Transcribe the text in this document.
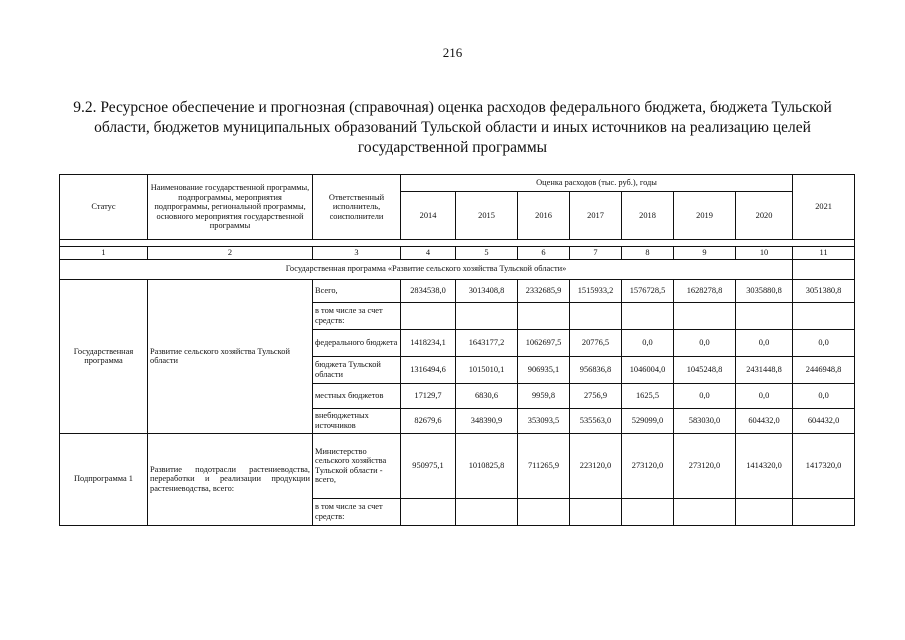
216
9.2. Ресурсное обеспечение и прогнозная (справочная) оценка расходов федерального бюджета, бюджета Тульской области, бюджетов муниципальных образований Тульской области и иных источников на реализацию целей государственной программы
Статус	Наименование государственной программы, подпрограммы, мероприятия подпрограммы, региональной программы, основного мероприятия государственной программы	Ответственный исполнитель, соисполнители	Оценка расходов (тыс. руб.), годы							2021
			2014	2015	2016	2017	2018	2019	2020	

1	2	3	4	5	6	7	8	9	10	11
Государственная программа «Развитие сельского хозяйства Тульской области»										
Государственная программа	Развитие сельского хозяйства Тульской области	Всего,	2834538,0	3013408,8	2332685,9	1515933,2	1576728,5	1628278,8	3035880,8	3051380,8
		в том числе за счет средств:								
		федерального бюджета	1418234,1	1643177,2	1062697,5	20776,5	0,0	0,0	0,0	0,0
		бюджета Тульской области	1316494,6	1015010,1	906935,1	956836,8	1046004,0	1045248,8	2431448,8	2446948,8
		местных бюджетов	17129,7	6830,6	9959,8	2756,9	1625,5	0,0	0,0	0,0
		внебюджетных источников	82679,6	348390,9	353093,5	535563,0	529099,0	583030,0	604432,0	604432,0
Подпрограмма 1	Развитие подотрасли растениеводства, переработки и реализации продукции растениеводства, всего:	Министерство сельского хозяйства Тульской области - всего,	950975,1	1010825,8	711265,9	223120,0	273120,0	273120,0	1414320,0	1417320,0
		в том числе за счет средств:								
